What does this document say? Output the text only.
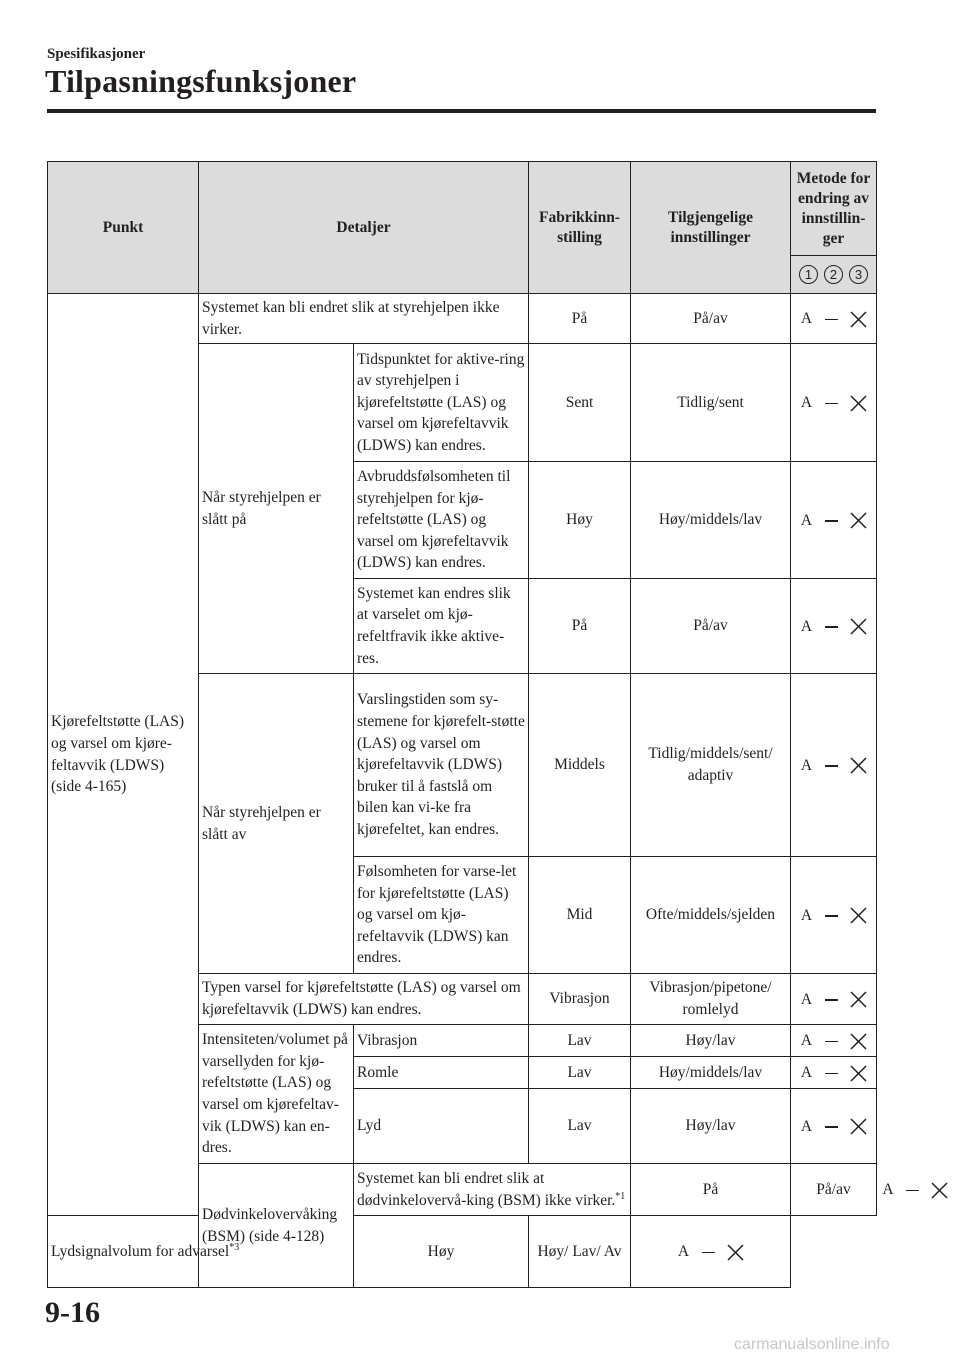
Spesifikasjoner
Tilpasningsfunksjoner
Punkt	Detaljer		Fabrikkinn-stilling	Tilgjengelige innstillinger	Metode for endring av innstillin-ger	
					1 2 3	
Kjørefeltstøtte (LAS) og varsel om kjøre-feltavvik (LDWS) (side 4-165)	Systemet kan bli endret slik at styrehjelpen ikke virker.		På	På/av	A	
	Når styrehjelpen er slått på	Tidspunktet for aktive-ring av styrehjelpen i kjørefeltstøtte (LAS) og varsel om kjørefeltavvik (LDWS) kan endres.	Sent	Tidlig/sent	A	
		Avbruddsfølsomheten til styrehjelpen for kjø-refeltstøtte (LAS) og varsel om kjørefeltavvik (LDWS) kan endres.	Høy	Høy/middels/lav	A	
		Systemet kan endres slik at varselet om kjø-refeltfravik ikke aktive-res.	På	På/av	A	
	Når styrehjelpen er slått av	Varslingstiden som sy-stemene for kjørefelt-støtte (LAS) og varsel om kjørefeltavvik (LDWS) bruker til å fastslå om bilen kan vi-ke fra kjørefeltet, kan endres.	Middels	Tidlig/middels/sent/ adaptiv	A	
		Følsomheten for varse-let for kjørefeltstøtte (LAS) og varsel om kjø-refeltavvik (LDWS) kan endres.	Mid	Ofte/middels/sjelden	A	
	Typen varsel for kjørefeltstøtte (LAS) og varsel om kjørefeltavvik (LDWS) kan endres.		Vibrasjon	Vibrasjon/pipetone/ romlelyd	A	
	Intensiteten/volumet på varsellyden for kjø-refeltstøtte (LAS) og varsel om kjørefeltav-vik (LDWS) kan en-dres.	Vibrasjon	Lav	Høy/lav	A	
		Romle	Lav	Høy/middels/lav	A	
		Lyd	Lav	Høy/lav	A	
	Dødvinkelovervåking (BSM) (side 4-128)	Systemet kan bli endret slik at dødvinkelovervå-king (BSM) ikke virker.$^{*1}$		På	På/av	A
Lydsignalvolum for advarsel$^{*3}$		Høy	Høy/ Lav/ Av	A		
9-16
carmanualsonline.info
